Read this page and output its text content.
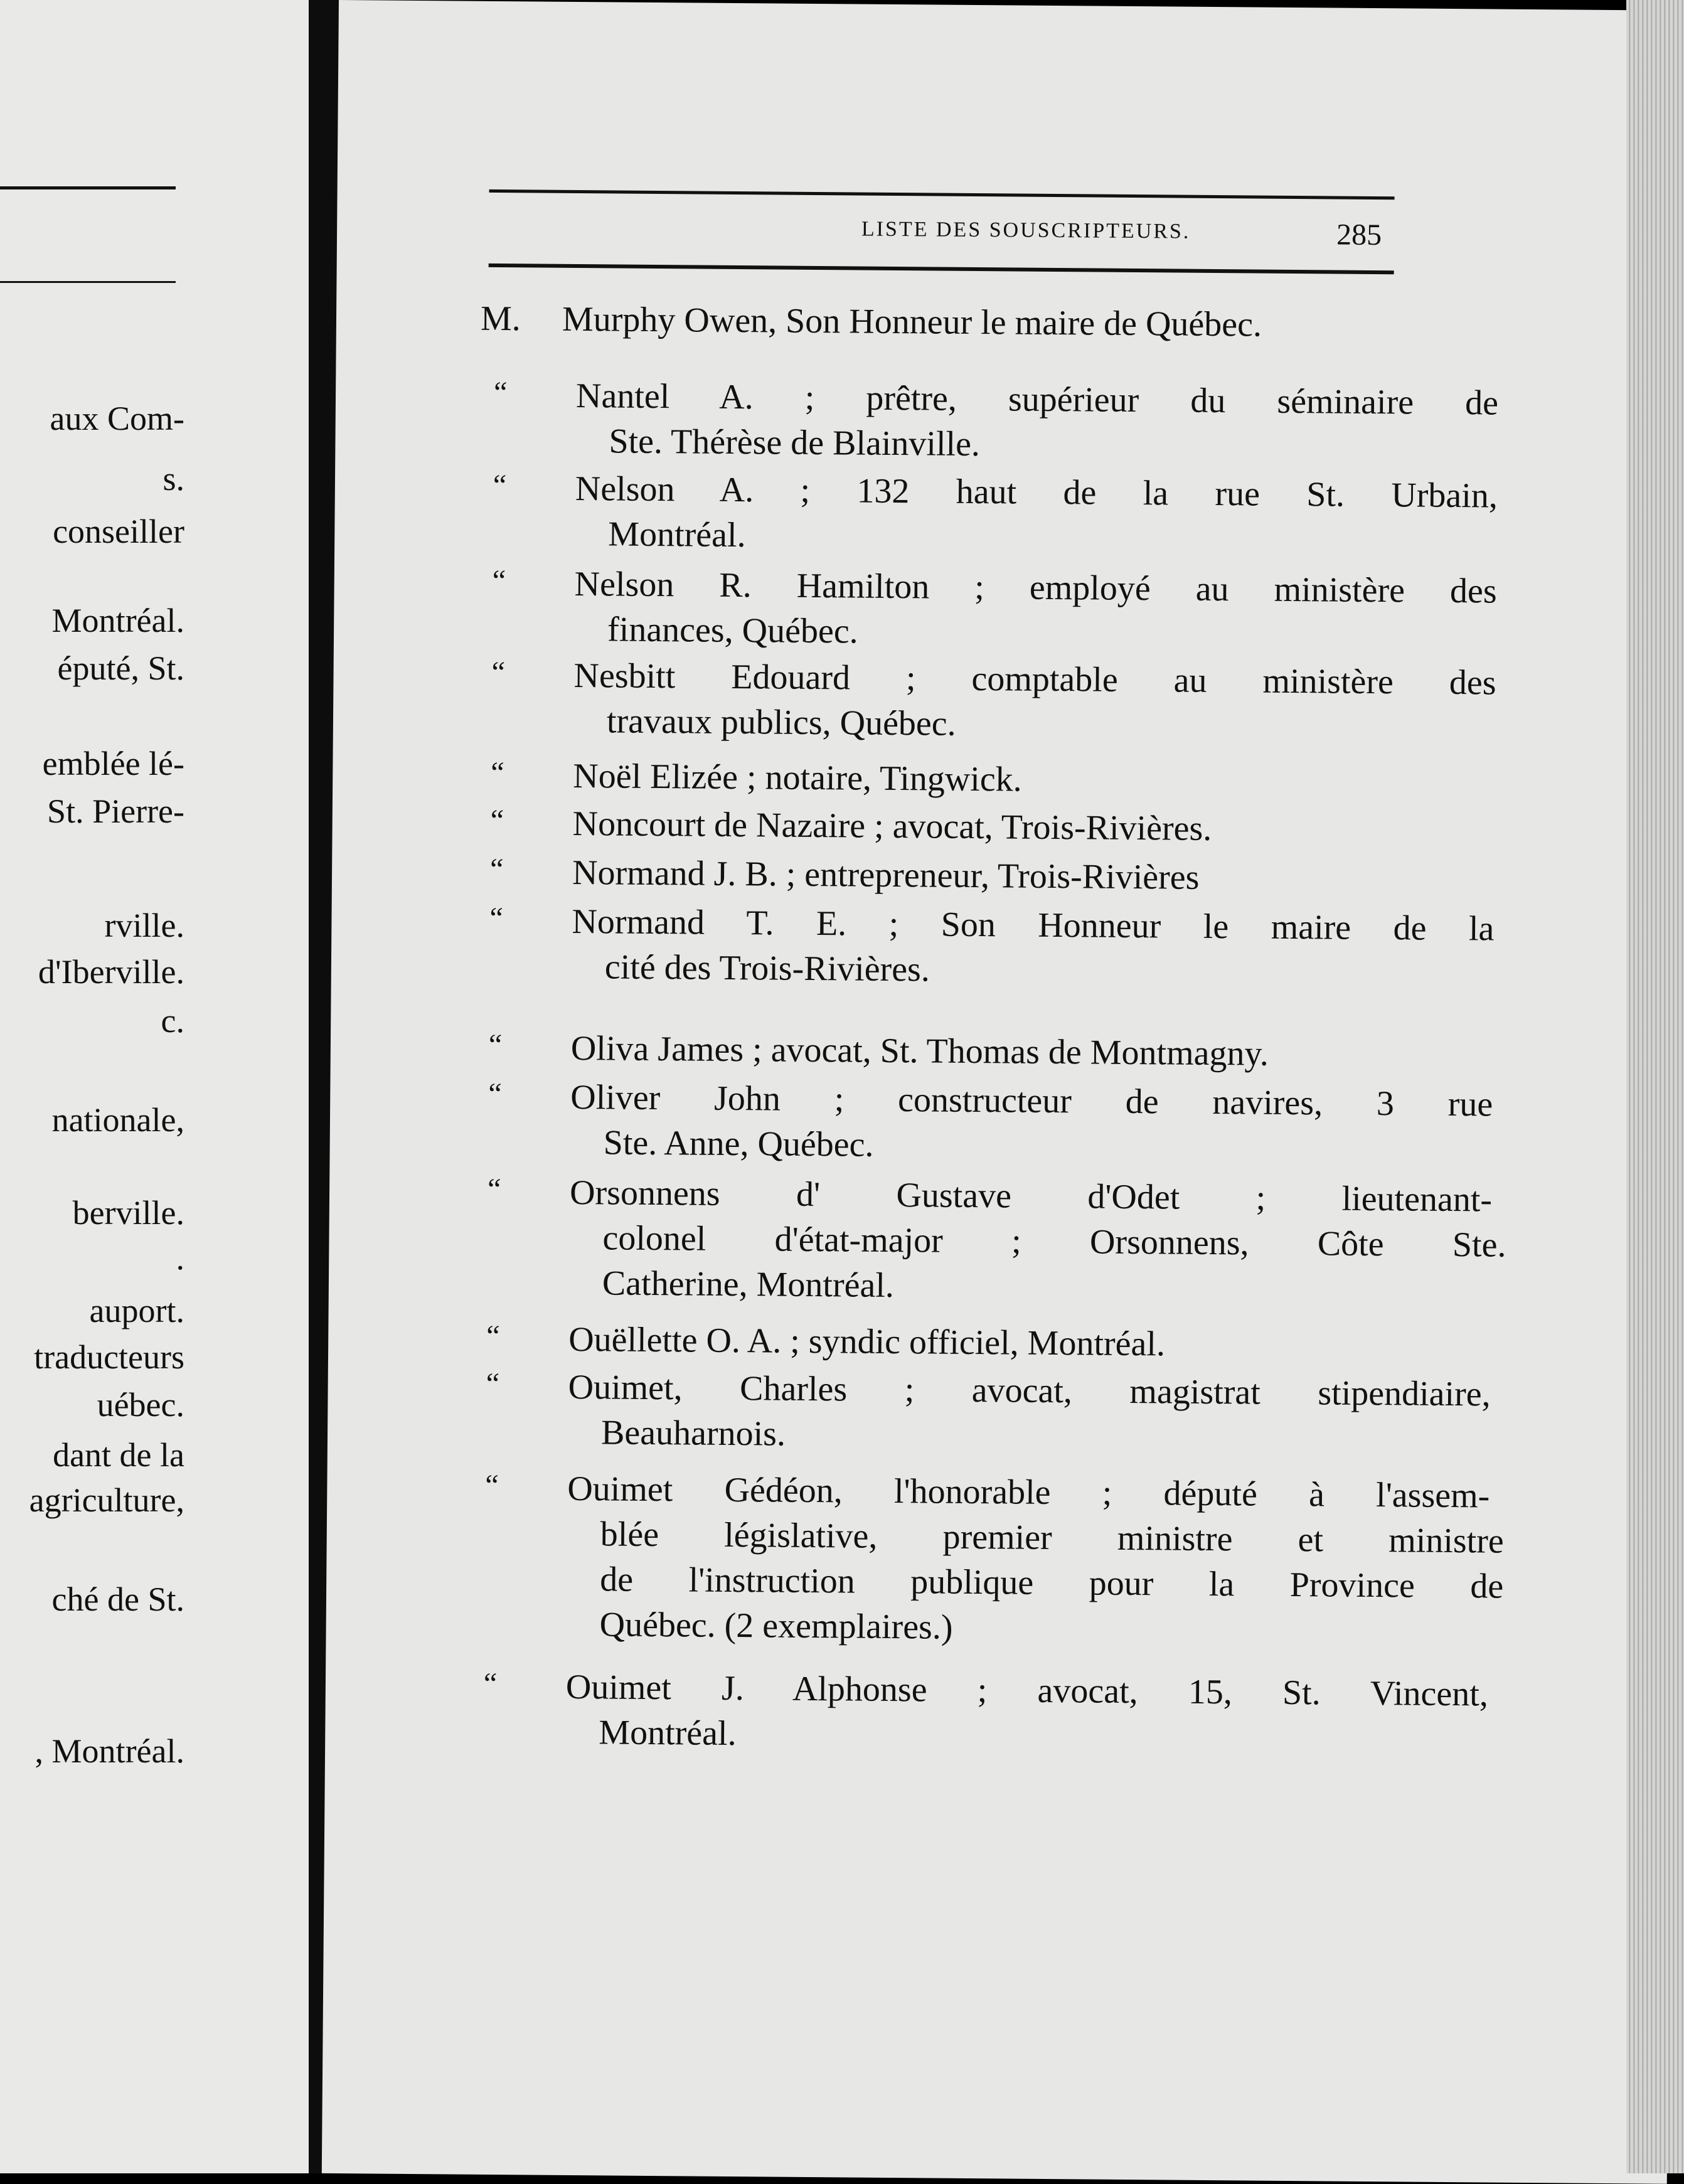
aux Com-
s.
conseiller
Montréal.
éputé, St.
emblée lé-
St. Pierre-
rville.
d'Iberville.
c.
nationale,
berville.
.
auport.
traducteurs
uébec.
dant de la
agriculture,
ché de St.
, Montréal.
LISTE DES SOUSCRIPTEURS.	285
M. Murphy Owen, Son Honneur le maire de Québec.
“	Nantel A. ; prêtre, supérieur du séminaire de
Ste. Thérèse de Blainville.
“	Nelson A. ; 132 haut de la rue St. Urbain,
Montréal.
“	Nelson R. Hamilton ; employé au ministère des
finances, Québec.
“	Nesbitt Edouard ; comptable au ministère des
travaux publics, Québec.
“	Noël Elizée ; notaire, Tingwick.
“	Noncourt de Nazaire ; avocat, Trois-Rivières.
“	Normand J. B. ; entrepreneur, Trois-Rivières
“	Normand T. E. ; Son Honneur le maire de la
cité des Trois-Rivières.
“	Oliva James ; avocat, St. Thomas de Montmagny.
“	Oliver John ; constructeur de navires, 3 rue
Ste. Anne, Québec.
“	Orsonnens d' Gustave d'Odet ; lieutenant-
colonel d'état-major ; Orsonnens, Côte Ste.
Catherine, Montréal.
“	Ouëllette O. A. ; syndic officiel, Montréal.
“	Ouimet, Charles ; avocat, magistrat stipendiaire,
Beauharnois.
“	Ouimet Gédéon, l'honorable ; député à l'assem-
blée législative, premier ministre et ministre
de l'instruction publique pour la Province de
Québec. (2 exemplaires.)
“	Ouimet J. Alphonse ; avocat, 15, St. Vincent,
Montréal.
